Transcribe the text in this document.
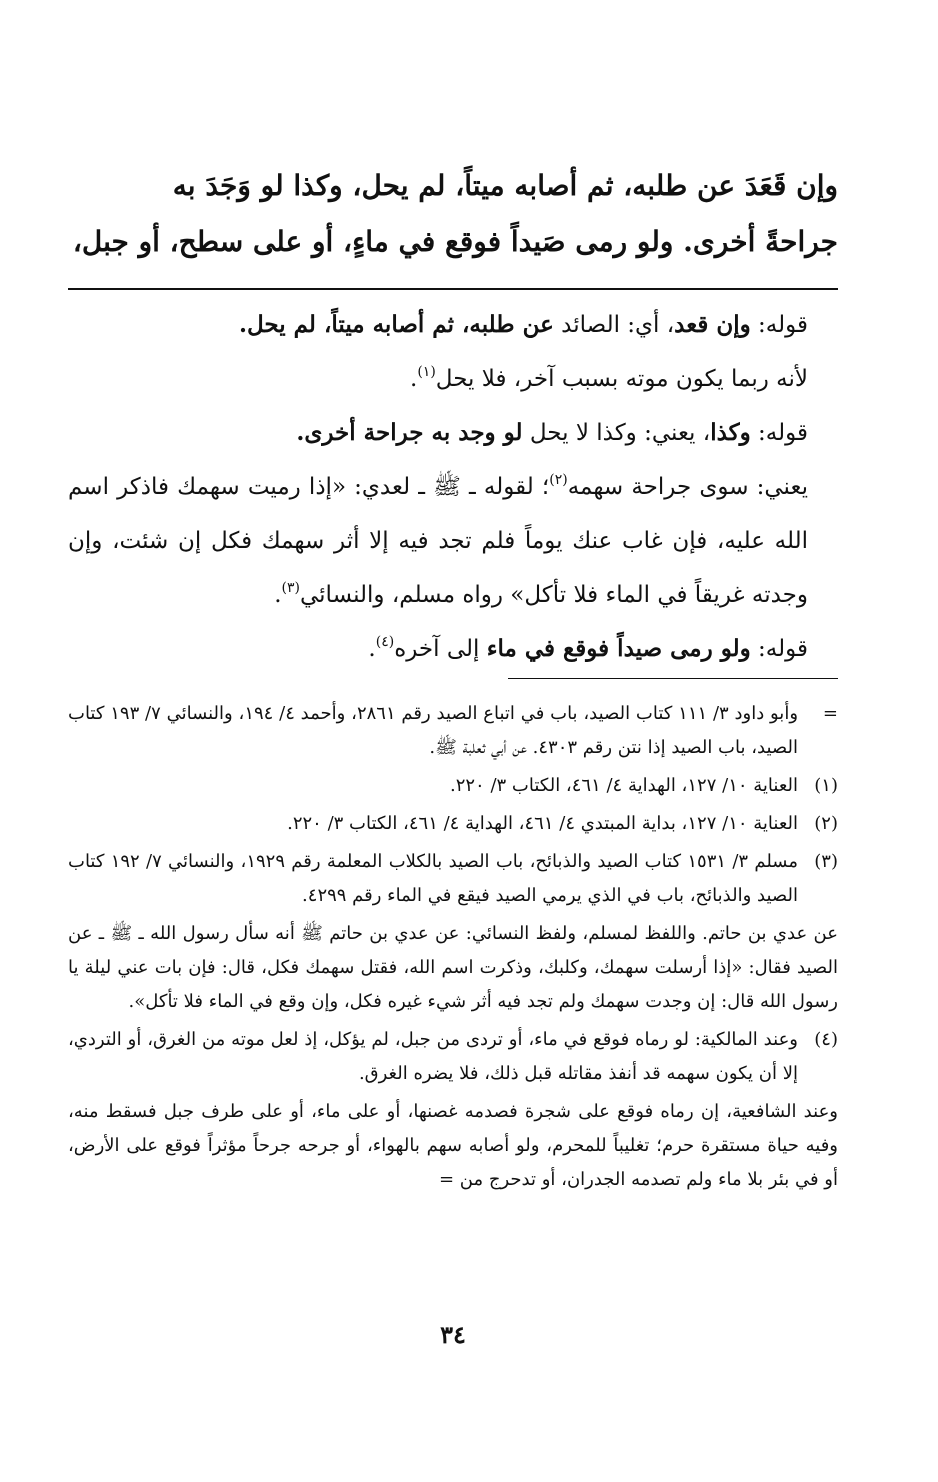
وإن قَعَدَ عن طلبه، ثم أصابه ميتاً، لم يحل، وكذا لو وَجَدَ به

جراحةً أخرى. ولو رمى صَيداً فوقع في ماءٍ، أو على سطح، أو جبل،

قوله: وإن قعد، أي: الصائد عن طلبه، ثم أصابه ميتاً، لم يحل.

لأنه ربما يكون موته بسبب آخر، فلا يحل$^{(١)}$.

قوله: وكذا، يعني: وكذا لا يحل لو وجد به جراحة أخرى.

يعني: سوى جراحة سهمه$^{(٢)}$؛ لقوله ـ ﷺ ـ لعدي: «إذا رميت سهمك فاذكر اسم الله عليه، فإن غاب عنك يوماً فلم تجد فيه إلا أثر سهمك فكل إن شئت، وإن وجدته غريقاً في الماء فلا تأكل» رواه مسلم، والنسائي$^{(٣)}$.

قوله: ولو رمى صيداً فوقع في ماء إلى آخره$^{(٤)}$.

=

وأبو داود ٣/ ١١١ كتاب الصيد، باب في اتباع الصيد رقم ٢٨٦١، وأحمد ٤/ ١٩٤، والنسائي ٧/ ١٩٣ كتاب الصيد، باب الصيد إذا نتن رقم ٤٣٠٣. عن أبي ثعلبة ﷺ.

(١)

العناية ١٠/ ١٢٧، الهداية ٤/ ٤٦١، الكتاب ٣/ ٢٢٠.

(٢)

العناية ١٠/ ١٢٧، بداية المبتدي ٤/ ٤٦١، الهداية ٤/ ٤٦١، الكتاب ٣/ ٢٢٠.

(٣)

مسلم ٣/ ١٥٣١ كتاب الصيد والذبائح، باب الصيد بالكلاب المعلمة رقم ١٩٢٩، والنسائي ٧/ ١٩٢ كتاب الصيد والذبائح، باب في الذي يرمي الصيد فيقع في الماء رقم ٤٢٩٩.

عن عدي بن حاتم. واللفظ لمسلم، ولفظ النسائي: عن عدي بن حاتم ﷺ أنه سأل رسول الله ـ ﷺ ـ عن الصيد فقال: «إذا أرسلت سهمك، وكلبك، وذكرت اسم الله، فقتل سهمك فكل، قال: فإن بات عني ليلة يا رسول الله قال: إن وجدت سهمك ولم تجد فيه أثر شيء غيره فكل، وإن وقع في الماء فلا تأكل».

(٤)

وعند المالكية: لو رماه فوقع في ماء، أو تردى من جبل، لم يؤكل، إذ لعل موته من الغرق، أو التردي، إلا أن يكون سهمه قد أنفذ مقاتله قبل ذلك، فلا يضره الغرق.

وعند الشافعية، إن رماه فوقع على شجرة فصدمه غصنها، أو على ماء، أو على طرف جبل فسقط منه، وفيه حياة مستقرة حرم؛ تغليباً للمحرم، ولو أصابه سهم بالهواء، أو جرحه جرحاً مؤثراً فوقع على الأرض، أو في بئر بلا ماء ولم تصدمه الجدران، أو تدحرج من =

٣٤
